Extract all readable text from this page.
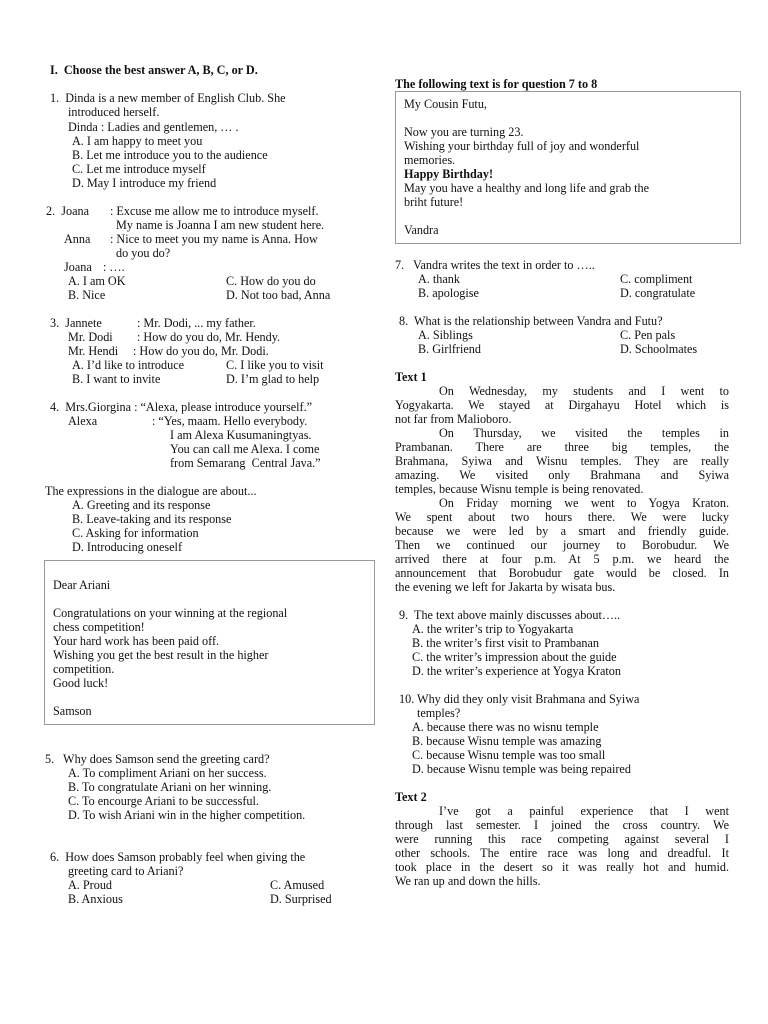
I.  Choose the best answer A, B, C, or D.
1.  Dinda is a new member of English Club. She
introduced herself.
Dinda : Ladies and gentlemen, … .
A. I am happy to meet you
B. Let me introduce you to the audience
C. Let me introduce myself
D. May I introduce my friend
2.  Joana : Excuse me allow me to introduce myself.
My name is Joanna I am new student here.
Anna : Nice to meet you my name is Anna. How
do you do?
Joana : ….
A. I am OK	C. How do you do
B. Nice	D. Not too bad, Anna
3.  Jannete	: Mr. Dodi, ... my father.
Mr. Dodi : How do you do, Mr. Hendy.
Mr. Hendi : How do you do, Mr. Dodi.
A. I’d like to introduce	C. I like you to visit
B. I want to invite	D. I’m glad to help
4.  Mrs.Giorgina : “Alexa, please introduce yourself.”
Alexa	: “Yes, maam. Hello everybody.
I am Alexa Kusumaningtyas.
You can call me Alexa. I come
from Semarang  Central Java.”
The expressions in the dialogue are about...
A. Greeting and its response
B. Leave-taking and its response
C. Asking for information
D. Introducing oneself
Dear Ariani
Congratulations on your winning at the regional
chess competition!
Your hard work has been paid off.
Wishing you get the best result in the higher
competition.
Good luck!
Samson
5.   Why does Samson send the greeting card?
A. To compliment Ariani on her success.
B. To congratulate Ariani on her winning.
C. To encourge Ariani to be successful.
D. To wish Ariani win in the higher competition.
6.  How does Samson probably feel when giving the
greeting card to Ariani?
A. Proud	C. Amused
B. Anxious	D. Surprised
The following text is for question 7 to 8
My Cousin Futu,
Now you are turning 23.
Wishing your birthday full of joy and wonderful
memories.
Happy Birthday!
May you have a healthy and long life and grab the
briht future!
Vandra
7.   Vandra writes the text in order to …..
A. thank	C. compliment
B. apologise	D. congratulate
8.  What is the relationship between Vandra and Futu?
A. Siblings	C. Pen pals
B. Girlfriend	D. Schoolmates
Text 1
On Wednesday, my students and I went to
Yogyakarta. We stayed at Dirgahayu Hotel which is
not far from Malioboro.
On Thursday, we visited the temples in
Prambanan. There are three big temples, the
Brahmana, Syiwa and Wisnu temples. They are really
amazing. We visited only Brahmana and Syiwa
temples, because Wisnu temple is being renovated.
On Friday morning we went to Yogya Kraton.
We spent about two hours there. We were lucky
because we were led by a smart and friendly guide.
Then we continued our journey to Borobudur. We
arrived there at four p.m. At 5 p.m. we heard the
announcement that Borobudur gate would be closed. In
the evening we left for Jakarta by wisata bus.
9.  The text above mainly discusses about…..
A. the writer’s trip to Yogyakarta
B. the writer’s first visit to Prambanan
C. the writer’s impression about the guide
D. the writer’s experience at Yogya Kraton
10. Why did they only visit Brahmana and Syiwa
temples?
A. because there was no wisnu temple
B. because Wisnu temple was amazing
C. because Wisnu temple was too small
D. because Wisnu temple was being repaired
Text 2
I’ve got a painful experience that I went
through last semester. I joined the cross country. We
were running this race competing against several I
other schools. The entire race was long and dreadful. It
took place in the desert so it was really hot and humid.
We ran up and down the hills.
